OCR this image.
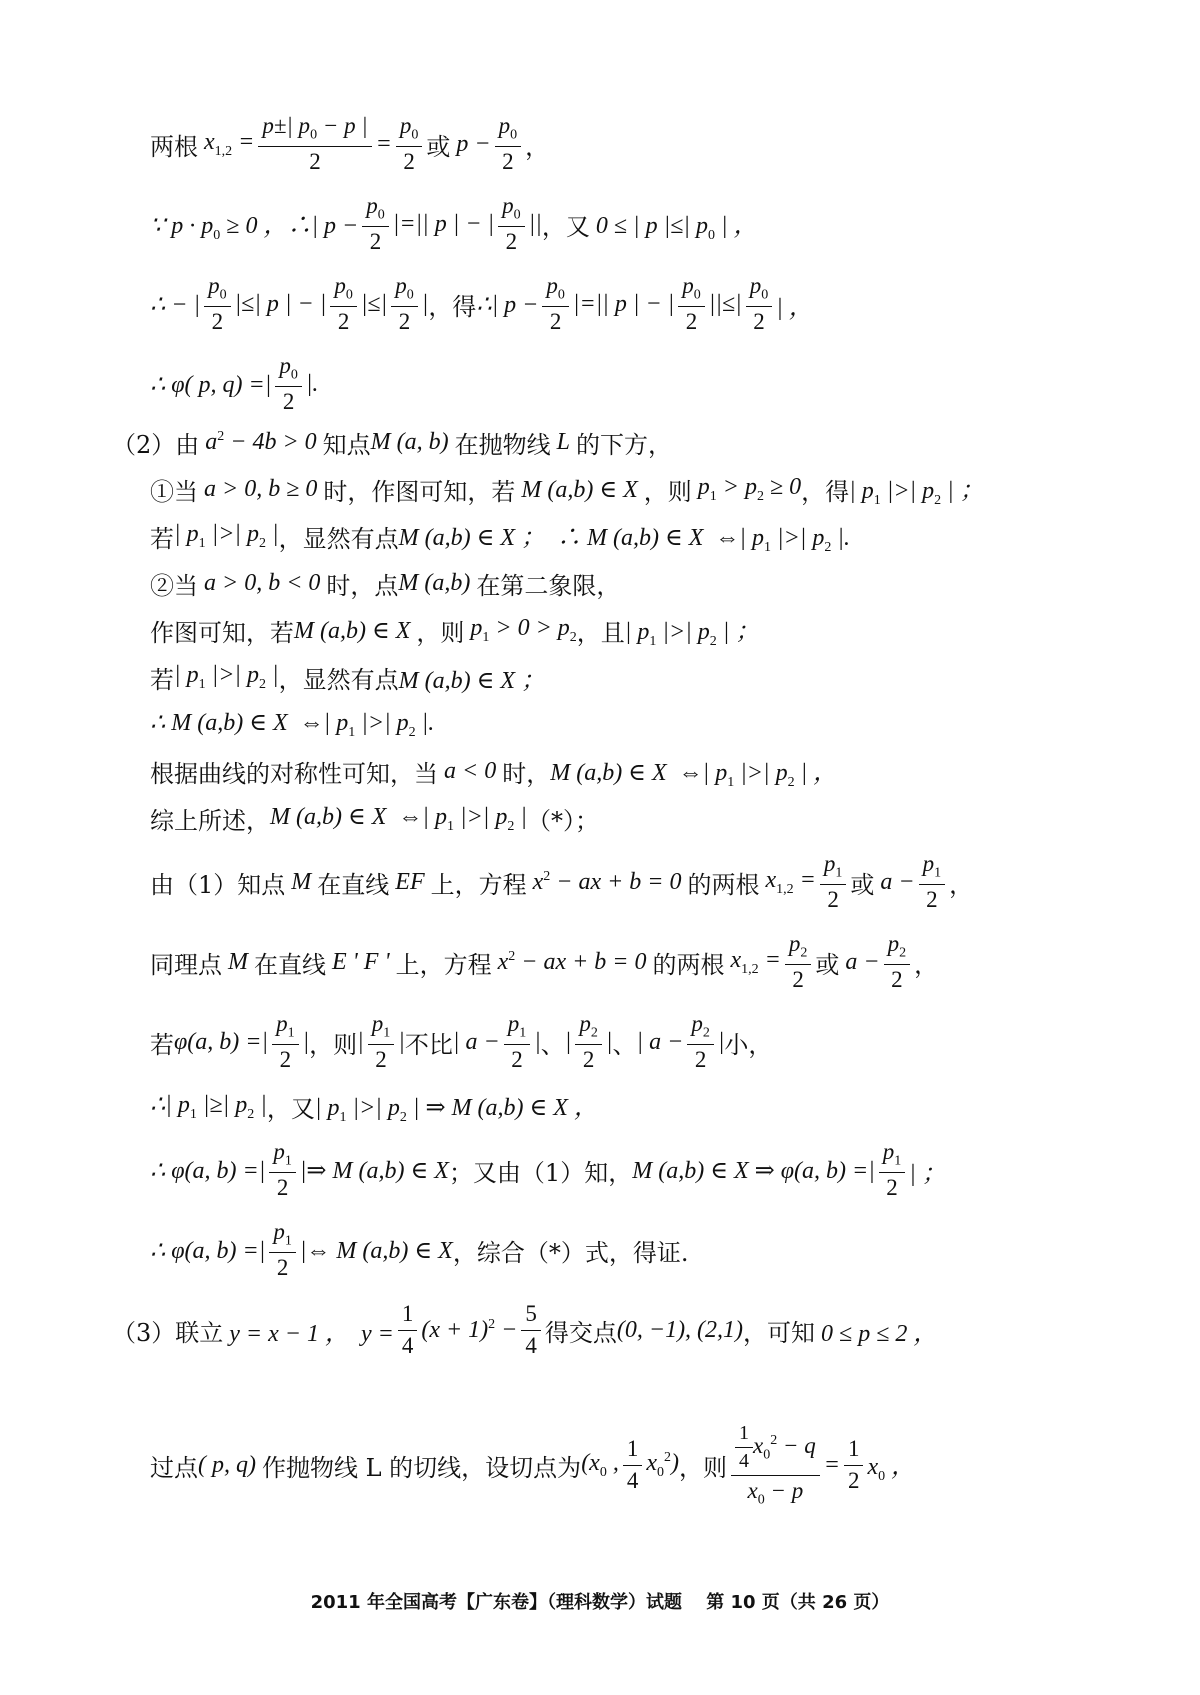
两根 $x_{1,2} = \frac{p\pm| p_0 - p |}{2} = \frac{p_0}{2}$ 或 $p - \frac{p_0}{2}$ ，
∵ $p \cdot p_0 \ge 0$ ，∴| $p - \frac{p_0}{2}$ |=|| p | − | $\frac{p_0}{2}$ || ，又 0 ≤ | p |≤| $p_0$ | ，
∴ − | $\frac{p_0}{2}$ |≤| p | − | $\frac{p_0}{2}$ |≤| $\frac{p_0}{2}$ | ，得 ∴| $p - \frac{p_0}{2}$ |=|| p | − | $\frac{p_0}{2}$ ||≤| $\frac{p_0}{2}$ | ，
∴ φ( p, q) =| $\frac{p_0}{2}$ |.
（2）由 $a^2 - 4b > 0$ 知点 M (a, b) 在抛物线 L 的下方，
①当 a > 0, b ≥ 0 时，作图可知，若 M (a,b) ∈ X ，则 $p_1 > p_2 \ge 0$ ，得 | $p_1$ |>| $p_2$ | ；
若 | $p_1$ |>| $p_2$ | ，显然有点 M (a,b) ∈ X ；  ∴ M (a,b) ∈ X  ⇔| $p_1$ |>| $p_2$ |.
②当 a > 0, b < 0 时，点 M (a,b) 在第二象限，
作图可知，若 M (a,b) ∈ X ，则 $p_1 > 0 > p_2$ ，且 | $p_1$ |>| $p_2$ | ；
若 | $p_1$ |>| $p_2$ | ，显然有点 M (a,b) ∈ X ；
∴ M (a,b) ∈ X  ⇔| $p_1$ |>| $p_2$ |.
根据曲线的对称性可知，当 a < 0 时， M (a,b) ∈ X  ⇔| $p_1$ |>| $p_2$ | ，
综上所述， M (a,b) ∈ X  ⇔| $p_1$ |>| $p_2$ | （*）；
由（1）知点 M 在直线 EF 上，方程 $x^2$ − ax + b = 0 的两根 $x_{1,2} = \frac{p_1}{2}$ 或 $a - \frac{p_1}{2}$ ，
同理点 M 在直线 E ' F ' 上，方程 $x^2$ − ax + b = 0 的两根 $x_{1,2} = \frac{p_2}{2}$ 或 $a - \frac{p_2}{2}$ ，
若 φ(a, b) =| $\frac{p_1}{2}$ | ，则 | $\frac{p_1}{2}$ | 不比 | $a - \frac{p_1}{2}$ | 、 | $\frac{p_2}{2}$ | 、 | $a - \frac{p_2}{2}$ | 小，
∴| $p_1$ |≥| $p_2$ | ，又 | $p_1$ |>| $p_2$ | ⇒ M (a,b) ∈ X ，
∴ φ(a, b) =| $\frac{p_1}{2}$ |⇒ M (a,b) ∈ X ；又由（1）知， M (a,b) ∈ X ⇒ φ(a, b) =| $\frac{p_1}{2}$ | ；
∴ φ(a, b) =| $\frac{p_1}{2}$ |⇔ M (a,b) ∈ X ，综合（*）式，得证.
（3）联立 y = x − 1 ，  $y = \frac{1}{4} (x + 1)^2 - \frac{5}{4}$ 得交点 (0, −1), (2,1) ，可知 0 ≤ p ≤ 2 ，
过点 ( p, q) 作抛物线 L 的切线，设切点为 ($x_0$ , $\frac{1}{4} x_0^2$) ，则 $\frac{\frac{1}{4} x_0^2 - q}{x_0 - p} = \frac{1}{2} x_0$ ，
2011 年全国高考【广东卷】（理科数学）试题　 第 10 页（共 26 页）
